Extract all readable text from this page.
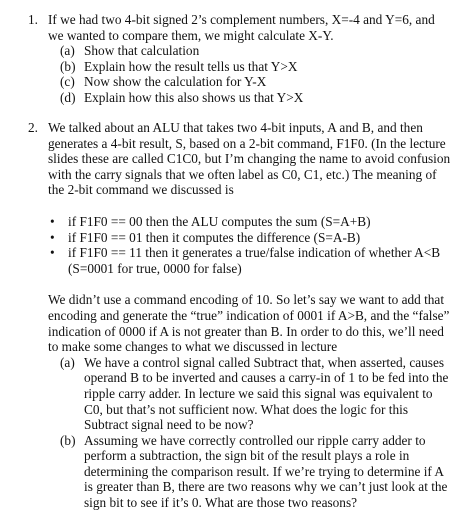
1. If we had two 4-bit signed 2’s complement numbers, X=-4 and Y=6, and we wanted to compare them, we might calculate X-Y.

(a) Show that calculation
(b) Explain how the result tells us that Y>X
(c) Now show the calculation for Y-X
(d) Explain how this also shows us that Y>X
2. We talked about an ALU that takes two 4-bit inputs, A and B, and then generates a 4-bit result, S, based on a 2-bit command, F1F0. (In the lecture slides these are called C1C0, but I’m changing the name to avoid confusion with the carry signals that we often label as C0, C1, etc.) The meaning of the 2-bit command we discussed is

•	if F1F0 == 00 then the ALU computes the sum (S=A+B)
•	if F1F0 == 01 then it computes the difference (S=A-B)
•	if F1F0 == 11 then it generates a true/false indication of whether A<B (S=0001 for true, 0000 for false)

We didn’t use a command encoding of 10. So let’s say we want to add that encoding and generate the “true” indication of 0001 if A>B, and the “false” indication of 0000 if A is not greater than B. In order to do this, we’ll need to make some changes to what we discussed in lecture

(a) We have a control signal called Subtract that, when asserted, causes operand B to be inverted and causes a carry-in of 1 to be fed into the ripple carry adder. In lecture we said this signal was equivalent to C0, but that’s not sufficient now. What does the logic for this Subtract signal need to be now?
(b) Assuming we have correctly controlled our ripple carry adder to perform a subtraction, the sign bit of the result plays a role in determining the comparison result. If we’re trying to determine if A is greater than B, there are two reasons why we can’t just look at the sign bit to see if it’s 0. What are those two reasons?
